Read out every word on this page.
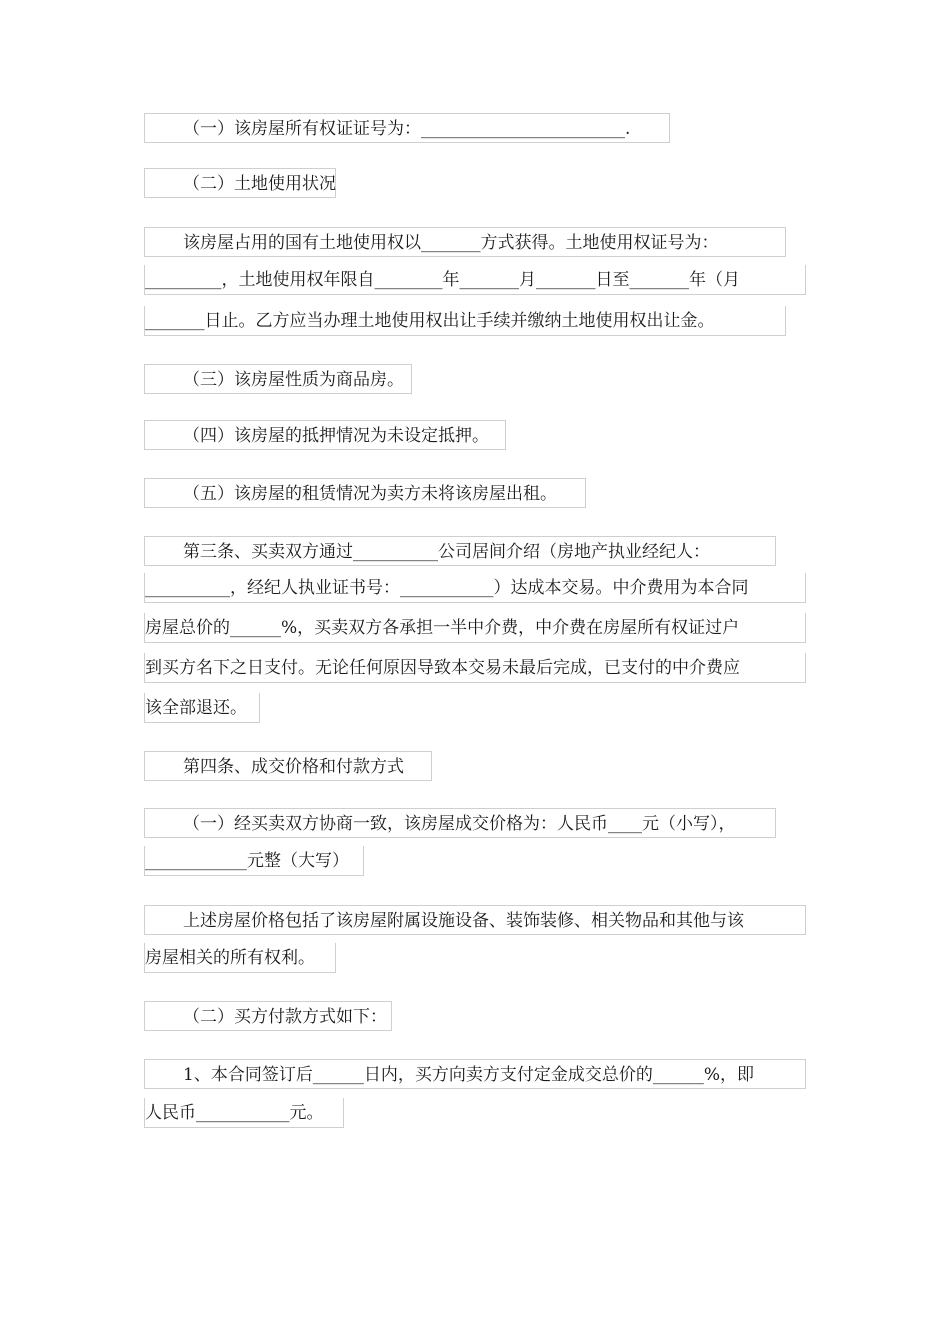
（一）该房屋所有权证证号为：________________________.
（二）土地使用状况
该房屋占用的国有土地使用权以_______方式获得。土地使用权证号为：
_________，土地使用权年限自________年_______月_______日至_______年（月
_______日止。乙方应当办理土地使用权出让手续并缴纳土地使用权出让金。
（三）该房屋性质为商品房。
（四）该房屋的抵押情况为未设定抵押。
（五）该房屋的租赁情况为卖方未将该房屋出租。
第三条、买卖双方通过__________公司居间介绍（房地产执业经纪人：
__________，经纪人执业证书号：___________）达成本交易。中介费用为本合同
房屋总价的______%，买卖双方各承担一半中介费，中介费在房屋所有权证过户
到买方名下之日支付。无论任何原因导致本交易未最后完成，已支付的中介费应
该全部退还。
第四条、成交价格和付款方式
（一）经买卖双方协商一致，该房屋成交价格为：人民币____元（小写），
____________元整（大写）
上述房屋价格包括了该房屋附属设施设备、装饰装修、相关物品和其他与该
房屋相关的所有权利。
（二）买方付款方式如下：
1、本合同签订后______日内，买方向卖方支付定金成交总价的______%，即
人民币___________元。
